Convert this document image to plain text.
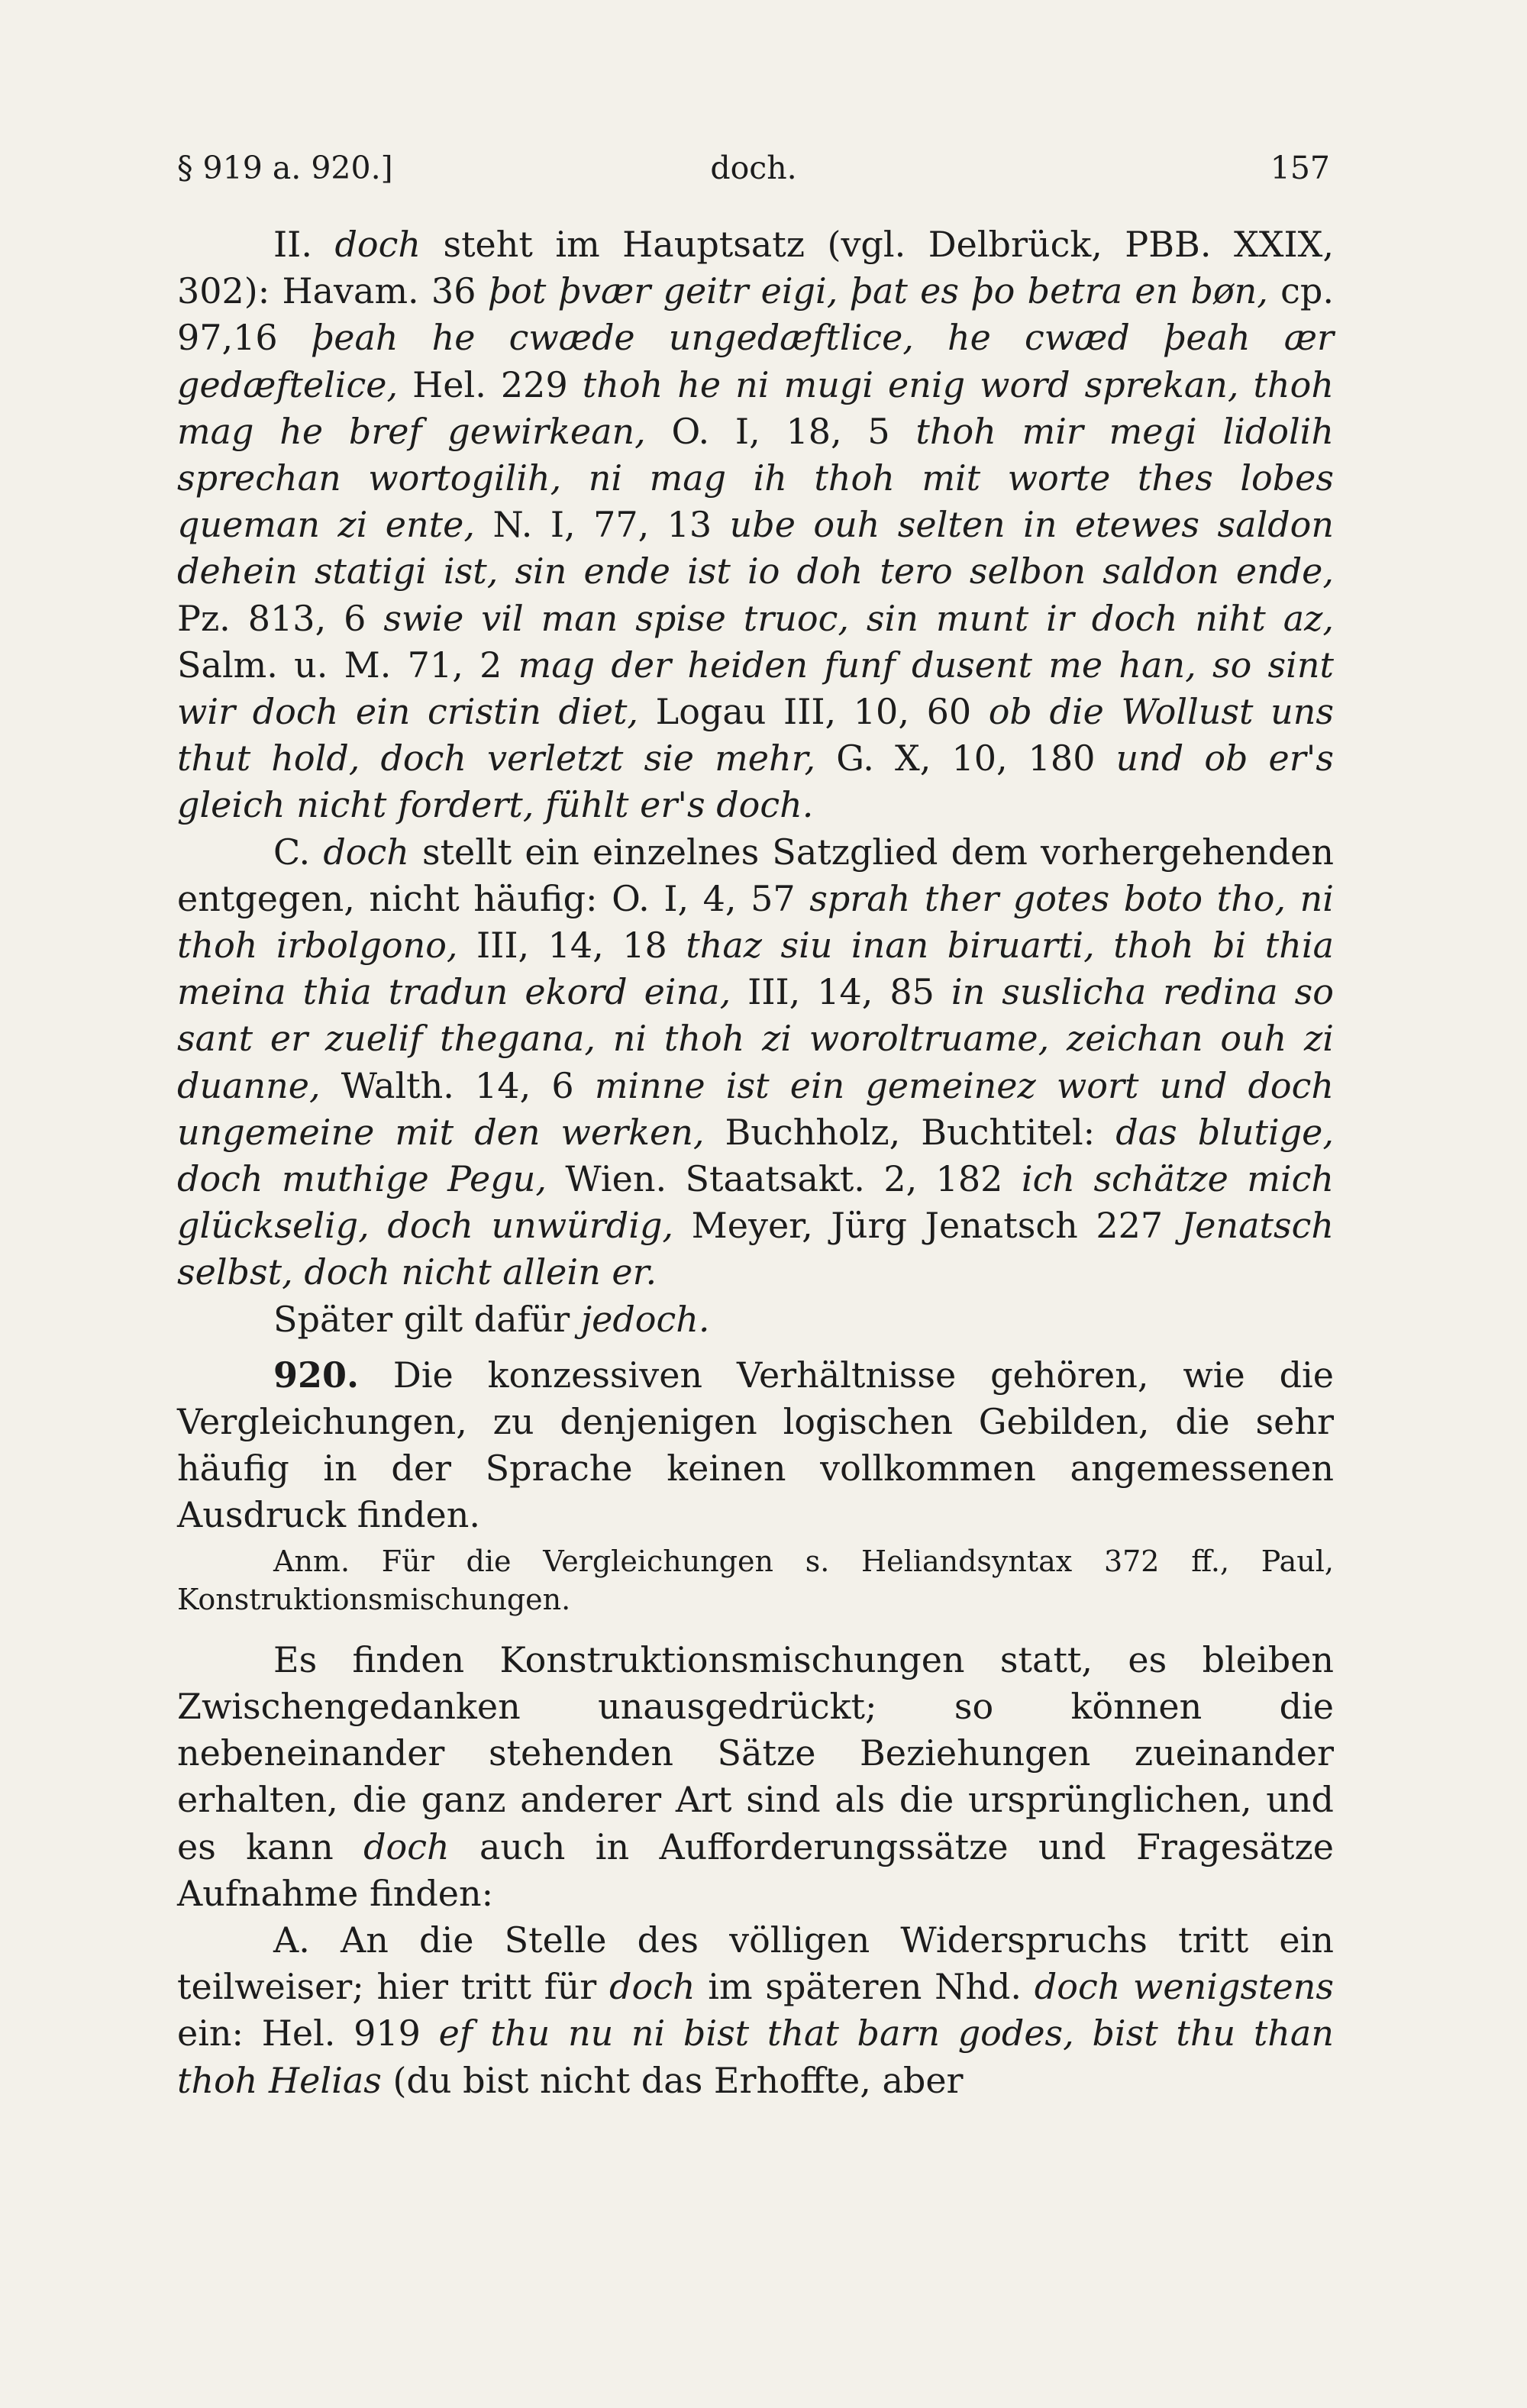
§ 919 a. 920.]	doch.	157

II. doch steht im Hauptsatz (vgl. Delbrück, PBB. XXIX, 302): Havam. 36 þot þvær geitr eigi, þat es þo betra en bøn, cp. 97,16 þeah he cwæde ungedæftlice, he cwæd þeah ær gedæftelice, Hel. 229 thoh he ni mugi enig word sprekan, thoh mag he bref gewirkean, O. I, 18, 5 thoh mir megi lidolih sprechan wortogilih, ni mag ih thoh mit worte thes lobes queman zi ente, N. I, 77, 13 ube ouh selten in etewes saldon dehein statigi ist, sin ende ist io doh tero selbon saldon ende, Pz. 813, 6 swie vil man spise truoc, sin munt ir doch niht az, Salm. u. M. 71, 2 mag der heiden funf dusent me han, so sint wir doch ein cristin diet, Logau III, 10, 60 ob die Wollust uns thut hold, doch verletzt sie mehr, G. X, 10, 180 und ob er's gleich nicht fordert, fühlt er's doch.

C. doch stellt ein einzelnes Satzglied dem vorhergehenden entgegen, nicht häufig: O. I, 4, 57 sprah ther gotes boto tho, ni thoh irbolgono, III, 14, 18 thaz siu inan biruarti, thoh bi thia meina thia tradun ekord eina, III, 14, 85 in suslicha redina so sant er zuelif thegana, ni thoh zi woroltruame, zeichan ouh zi duanne, Walth. 14, 6 minne ist ein gemeinez wort und doch ungemeine mit den werken, Buchholz, Buchtitel: das blutige, doch muthige Pegu, Wien. Staatsakt. 2, 182 ich schätze mich glückselig, doch unwürdig, Meyer, Jürg Jenatsch 227 Jenatsch selbst, doch nicht allein er.

Später gilt dafür jedoch.

920. Die konzessiven Verhältnisse gehören, wie die Vergleichungen, zu denjenigen logischen Gebilden, die sehr häufig in der Sprache keinen vollkommen angemessenen Ausdruck finden.

Anm. Für die Vergleichungen s. Heliandsyntax 372 ff., Paul, Konstruktionsmischungen.

Es finden Konstruktionsmischungen statt, es bleiben Zwischengedanken unausgedrückt; so können die nebeneinander stehenden Sätze Beziehungen zueinander erhalten, die ganz anderer Art sind als die ursprünglichen, und es kann doch auch in Aufforderungssätze und Fragesätze Aufnahme finden:

A. An die Stelle des völligen Widerspruchs tritt ein teilweiser; hier tritt für doch im späteren Nhd. doch wenigstens ein: Hel. 919 ef thu nu ni bist that barn godes, bist thu than thoh Helias (du bist nicht das Erhoffte, aber
